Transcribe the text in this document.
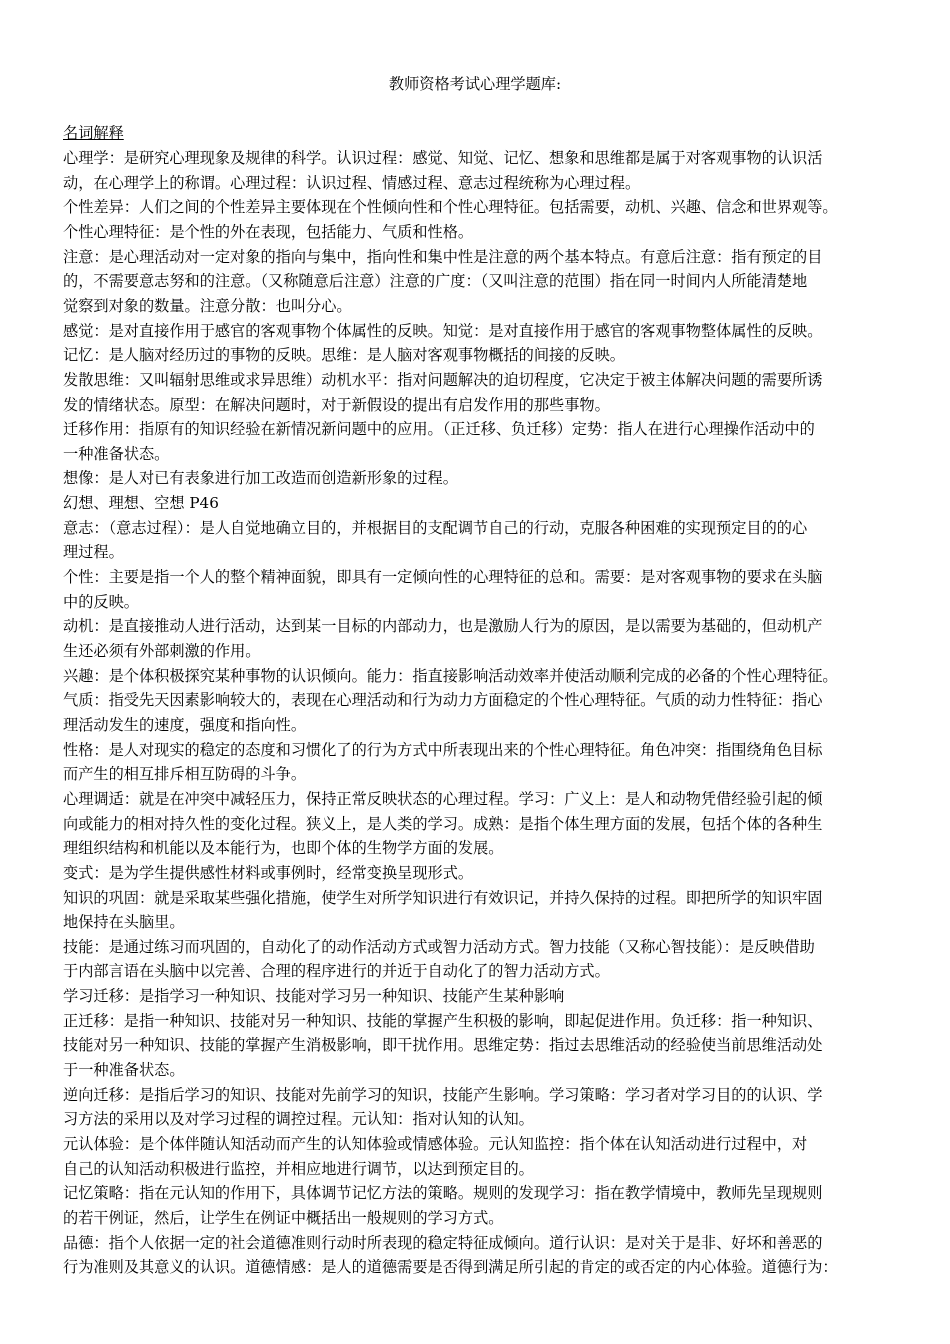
教师资格考试心理学题库:
名词解释
心理学：是研究心理现象及规律的科学。认识过程：感觉、知觉、记忆、想象和思维都是属于对客观事物的认识活
动，在心理学上的称谓。心理过程：认识过程、情感过程、意志过程统称为心理过程。
个性差异：人们之间的个性差异主要体现在个性倾向性和个性心理特征。包括需要，动机、兴趣、信念和世界观等。
个性心理特征：是个性的外在表现，包括能力、气质和性格。
注意：是心理活动对一定对象的指向与集中，指向性和集中性是注意的两个基本特点。有意后注意：指有预定的目
的，不需要意志努和的注意。（又称随意后注意）注意的广度：（又叫注意的范围）指在同一时间内人所能清楚地
觉察到对象的数量。注意分散：也叫分心。
感觉：是对直接作用于感官的客观事物个体属性的反映。知觉：是对直接作用于感官的客观事物整体属性的反映。
记忆：是人脑对经历过的事物的反映。思维：是人脑对客观事物概括的间接的反映。
发散思维：又叫辐射思维或求异思维）动机水平：指对问题解决的迫切程度，它决定于被主体解决问题的需要所诱
发的情绪状态。原型：在解决问题时，对于新假设的提出有启发作用的那些事物。
迁移作用：指原有的知识经验在新情况新问题中的应用。（正迁移、负迁移）定势：指人在进行心理操作活动中的
一种准备状态。
想像：是人对已有表象进行加工改造而创造新形象的过程。
幻想、理想、空想 P46
意志：（意志过程）：是人自觉地确立目的，并根据目的支配调节自己的行动，克服各种困难的实现预定目的的心
理过程。
个性：主要是指一个人的整个精神面貌，即具有一定倾向性的心理特征的总和。需要：是对客观事物的要求在头脑
中的反映。
动机：是直接推动人进行活动，达到某一目标的内部动力，也是激励人行为的原因，是以需要为基础的，但动机产
生还必须有外部刺激的作用。
兴趣：是个体积极探究某种事物的认识倾向。能力：指直接影响活动效率并使活动顺利完成的必备的个性心理特征。
气质：指受先天因素影响较大的，表现在心理活动和行为动力方面稳定的个性心理特征。气质的动力性特征：指心
理活动发生的速度，强度和指向性。
性格：是人对现实的稳定的态度和习惯化了的行为方式中所表现出来的个性心理特征。角色冲突：指围绕角色目标
而产生的相互排斥相互防碍的斗争。
心理调适：就是在冲突中减轻压力，保持正常反映状态的心理过程。学习：广义上：是人和动物凭借经验引起的倾
向或能力的相对持久性的变化过程。狭义上，是人类的学习。成熟：是指个体生理方面的发展，包括个体的各种生
理组织结构和机能以及本能行为，也即个体的生物学方面的发展。
变式：是为学生提供感性材料或事例时，经常变换呈现形式。
知识的巩固：就是采取某些强化措施，使学生对所学知识进行有效识记，并持久保持的过程。即把所学的知识牢固
地保持在头脑里。
技能：是通过练习而巩固的，自动化了的动作活动方式或智力活动方式。智力技能（又称心智技能）：是反映借助
于内部言语在头脑中以完善、合理的程序进行的并近于自动化了的智力活动方式。
学习迁移：是指学习一种知识、技能对学习另一种知识、技能产生某种影响
正迁移：是指一种知识、技能对另一种知识、技能的掌握产生积极的影响，即起促进作用。负迁移：指一种知识、
技能对另一种知识、技能的掌握产生消极影响，即干扰作用。思维定势：指过去思维活动的经验使当前思维活动处
于一种准备状态。
逆向迁移：是指后学习的知识、技能对先前学习的知识，技能产生影响。学习策略：学习者对学习目的的认识、学
习方法的采用以及对学习过程的调控过程。元认知：指对认知的认知。
元认体验：是个体伴随认知活动而产生的认知体验或情感体验。元认知监控：指个体在认知活动进行过程中，对
自己的认知活动积极进行监控，并相应地进行调节，以达到预定目的。
记忆策略：指在元认知的作用下，具体调节记忆方法的策略。规则的发现学习：指在教学情境中，教师先呈现规则
的若干例证，然后，让学生在例证中概括出一般规则的学习方式。
品德：指个人依据一定的社会道德准则行动时所表现的稳定特征成倾向。道行认识：是对关于是非、好坏和善恶的
行为准则及其意义的认识。道德情感：是人的道德需要是否得到满足所引起的肯定的或否定的内心体验。道德行为：
